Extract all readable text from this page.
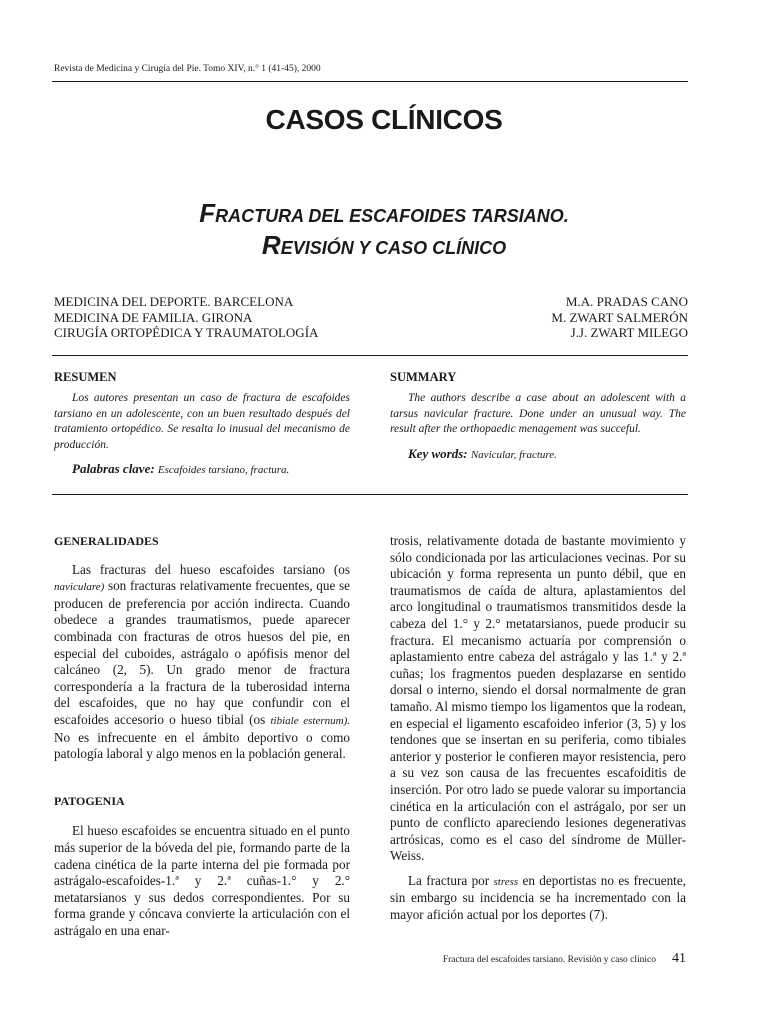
Revista de Medicina y Cirugía del Pie. Tomo XIV, n.° 1 (41-45), 2000
CASOS CLÍNICOS
FRACTURA DEL ESCAFOIDES TARSIANO.
REVISIÓN Y CASO CLÍNICO
MEDICINA DEL DEPORTE. BARCELONA
MEDICINA DE FAMILIA. GIRONA
CIRUGÍA ORTOPÉDICA Y TRAUMATOLOGÍA
M.A. PRADAS CANO
M. ZWART SALMERÓN
J.J. ZWART MILEGO
RESUMEN
Los autores presentan un caso de fractura de escafoides tarsiano en un adolescente, con un buen resultado después del tratamiento ortopédico. Se resalta lo inusual del mecanismo de producción.
Palabras clave: Escafoides tarsiano, fractura.
SUMMARY
The authors describe a case about an adolescent with a tarsus navicular fracture. Done under an unusual way. The result after the orthopaedic menagement was succeful.
Key words: Navicular, fracture.
GENERALIDADES

Las fracturas del hueso escafoides tarsiano (os naviculare) son fracturas relativamente frecuentes, que se producen de preferencia por acción indirecta. Cuando obedece a grandes traumatismos, puede aparecer combinada con fracturas de otros huesos del pie, en especial del cuboides, astrágalo o apófisis menor del calcáneo (2, 5). Un grado menor de fractura correspondería a la fractura de la tuberosidad interna del escafoides, que no hay que confundir con el escafoides accesorio o hueso tibial (os tibiale esternum). No es infrecuente en el ámbito deportivo o como patología laboral y algo menos en la población general.

PATOGENIA

El hueso escafoides se encuentra situado en el punto más superior de la bóveda del pie, formando parte de la cadena cinética de la parte interna del pie formada por astrágalo-escafoides-1.ª y 2.ª cuñas-1.° y 2.° metatarsianos y sus dedos correspondientes. Por su forma grande y cóncava convierte la articulación con el astrágalo en una enar-

trosis, relativamente dotada de bastante movimiento y sólo condicionada por las articulaciones vecinas. Por su ubicación y forma representa un punto débil, que en traumatismos de caída de altura, aplastamientos del arco longitudinal o traumatismos transmitidos desde la cabeza del 1.° y 2.° metatarsianos, puede producir su fractura. El mecanismo actuaría por comprensión o aplastamiento entre cabeza del astrágalo y las 1.ª y 2.ª cuñas; los fragmentos pueden desplazarse en sentido dorsal o interno, siendo el dorsal normalmente de gran tamaño. Al mismo tiempo los ligamentos que la rodean, en especial el ligamento escafoideo inferior (3, 5) y los tendones que se insertan en su periferia, como tibiales anterior y posterior le confieren mayor resistencia, pero a su vez son causa de las frecuentes escafoiditis de inserción. Por otro lado se puede valorar su importancia cinética en la articulación con el astrágalo, por ser un punto de conflicto apareciendo lesiones degenerativas artrósicas, como es el caso del síndrome de Müller-Weiss.

La fractura por stress en deportistas no es frecuente, sin embargo su incidencia se ha incrementado con la mayor afición actual por los deportes (7).

Fractura del escafoides tarsiano. Revisión y caso clínico 41
